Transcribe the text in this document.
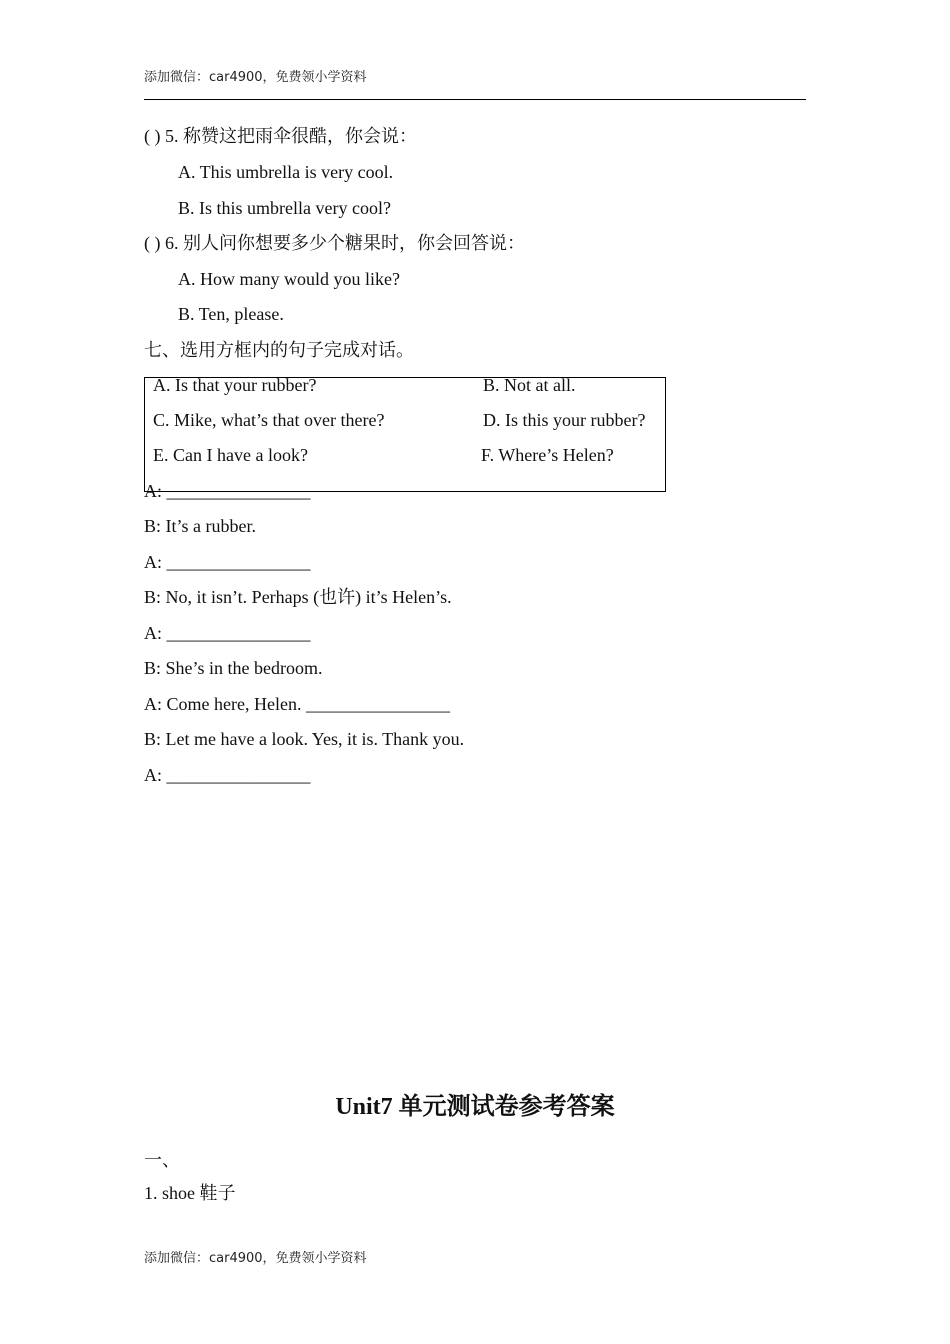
添加微信：car4900，免费领小学资料
( ) 5. 称赞这把雨伞很酷，你会说：
A. This umbrella is very cool.
B. Is this umbrella very cool?
( ) 6. 别人问你想要多少个糖果时，你会回答说：
A. How many would you like?
B. Ten, please.
七、选用方框内的句子完成对话。
A. Is that your rubber?	B. Not at all.
C. Mike, what’s that over there?	D. Is this your rubber?
E. Can I have a look?	F. Where’s Helen?
A: ________________
B: It’s a rubber.
A: ________________
B: No, it isn’t. Perhaps (也许) it’s Helen’s.
A: ________________
B: She’s in the bedroom.
A: Come here, Helen. ________________
B: Let me have a look. Yes, it is. Thank you.
A: ________________
Unit7 单元测试卷参考答案
一、
1. shoe 鞋子
添加微信：car4900，免费领小学资料
